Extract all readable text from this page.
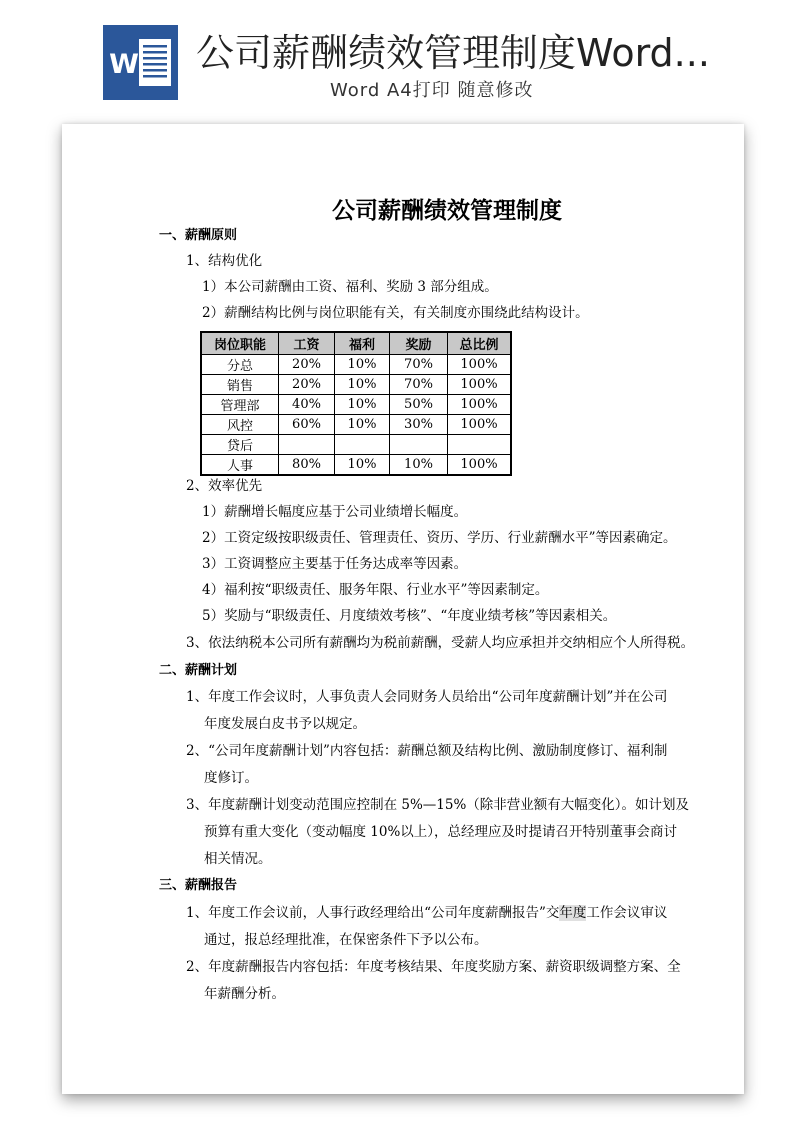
W 公司薪酬绩效管理制度Word...
Word A4打印 随意修改
公司薪酬绩效管理制度
一、薪酬原则
1、结构优化
1）本公司薪酬由工资、福利、奖励 3 部分组成。
2）薪酬结构比例与岗位职能有关，有关制度亦围绕此结构设计。
岗位职能	工资	福利	奖励	总比例
分总	20%	10%	70%	100%
销售	20%	10%	70%	100%
管理部	40%	10%	50%	100%
风控	60%	10%	30%	100%
贷后				
人事	80%	10%	10%	100%
2、效率优先
1）薪酬增长幅度应基于公司业绩增长幅度。
2）工资定级按职级责任、管理责任、资历、学历、行业薪酬水平”等因素确定。
3）工资调整应主要基于任务达成率等因素。
4）福利按“职级责任、服务年限、行业水平”等因素制定。
5）奖励与“职级责任、月度绩效考核”、“年度业绩考核”等因素相关。
3、依法纳税本公司所有薪酬均为税前薪酬，受薪人均应承担并交纳相应个人所得税。
二、薪酬计划
1、年度工作会议时，人事负责人会同财务人员给出“公司年度薪酬计划”并在公司
年度发展白皮书予以规定。
2、“公司年度薪酬计划”内容包括：薪酬总额及结构比例、激励制度修订、福利制
度修订。
3、年度薪酬计划变动范围应控制在 5%—15%（除非营业额有大幅变化）。如计划及
预算有重大变化（变动幅度 10%以上），总经理应及时提请召开特别董事会商讨
相关情况。
三、薪酬报告
1、年度工作会议前，人事行政经理给出“公司年度薪酬报告”交年度工作会议审议
通过，报总经理批准，在保密条件下予以公布。
2、年度薪酬报告内容包括：年度考核结果、年度奖励方案、薪资职级调整方案、全
年薪酬分析。
